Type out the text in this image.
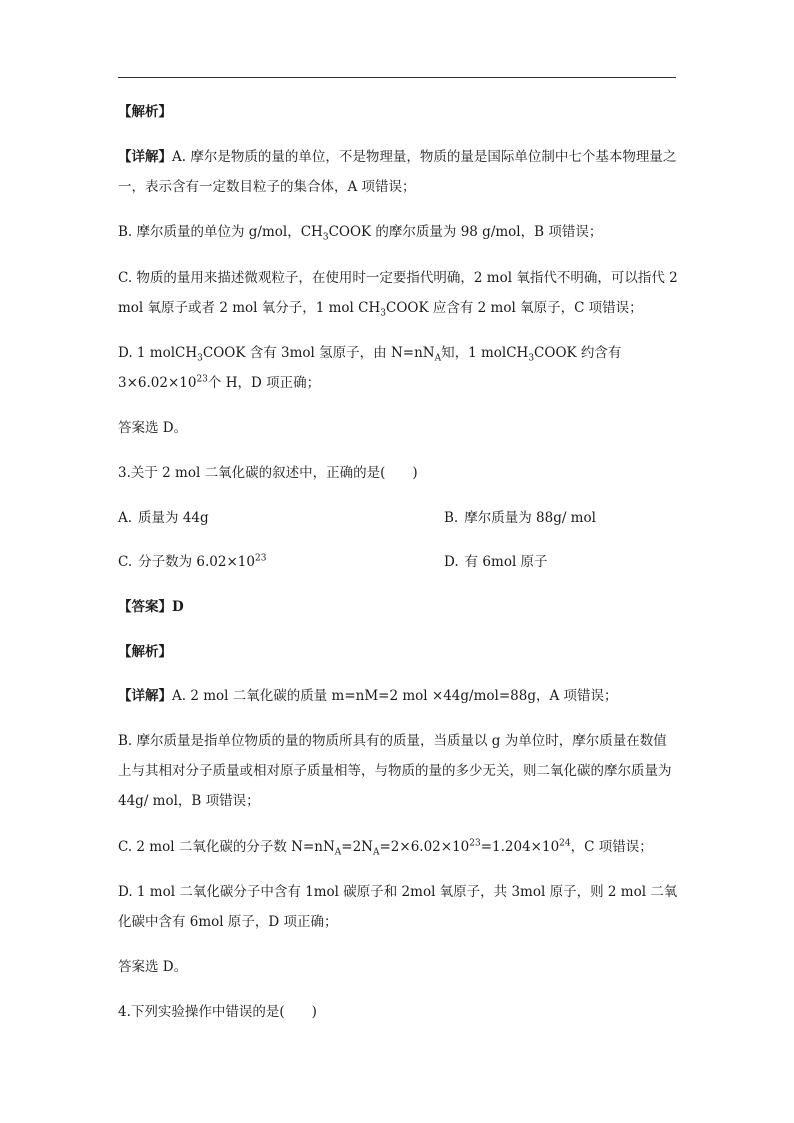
【解析】

【详解】A. 摩尔是物质的量的单位，不是物理量，物质的量是国际单位制中七个基本物理量之一，表示含有一定数目粒子的集合体，A 项错误；

B. 摩尔质量的单位为 g/mol，$CH_3COOK$ 的摩尔质量为 98 g/mol，B 项错误；

C. 物质的量用来描述微观粒子，在使用时一定要指代明确，2 mol 氧指代不明确，可以指代 2 mol 氧原子或者 2 mol 氧分子，1 mol $CH_3COOK$ 应含有 2 mol 氧原子，C 项错误；

D. 1 molCH$_3$COOK 含有 3mol 氢原子，由 $N=nN_A$知，1 molCH$_3$COOK 约含有 $3\times 6.02\times 10^{23}$个 H，D 项正确；

答案选 D。

3.关于 2 mol 二氧化碳的叙述中，正确的是(　　)

A. 质量为 44g	B. 摩尔质量为 88g/ mol
C. 分子数为 $6.02\times 10^{23}$	D. 有 6mol 原子

【答案】D

【解析】

【详解】A. 2 mol 二氧化碳的质量 m=nM=2 mol ×44g/mol=88g，A 项错误；

B. 摩尔质量是指单位物质的量的物质所具有的质量，当质量以 g 为单位时，摩尔质量在数值上与其相对分子质量或相对原子质量相等，与物质的量的多少无关，则二氧化碳的摩尔质量为 44g/ mol，B 项错误；

C. 2 mol 二氧化碳的分子数 $N=nN_A=2N_A=2\times 6.02\times 10^{23}=1.204\times 10^{24}$，C 项错误；

D. 1 mol 二氧化碳分子中含有 1mol 碳原子和 2mol 氧原子，共 3mol 原子，则 2 mol 二氧化碳中含有 6mol 原子，D 项正确；

答案选 D。

4.下列实验操作中错误的是(　　)
